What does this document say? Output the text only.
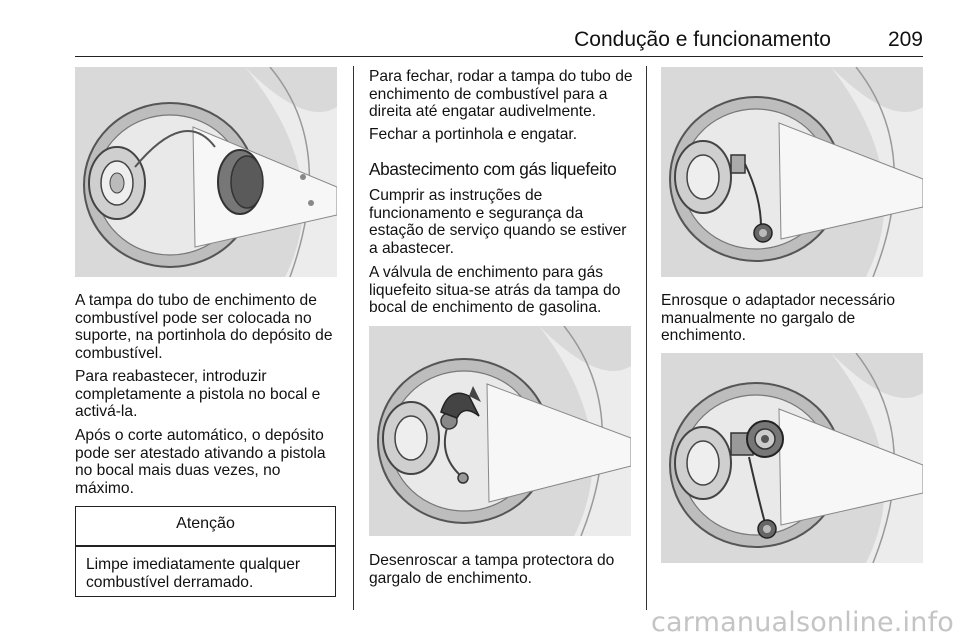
Condução e funcionamento	209

A tampa do tubo de enchimento de combustível pode ser colocada no suporte, na portinhola do depósito de combustível.

Para reabastecer, introduzir completamente a pistola no bocal e activá-la.

Após o corte automático, o depósito pode ser atestado ativando a pistola no bocal mais duas vezes, no máximo.

Atenção

Limpe imediatamente qualquer combustível derramado.

Para fechar, rodar a tampa do tubo de enchimento de combustível para a direita até engatar audivelmente.

Fechar a portinhola e engatar.

Abastecimento com gás liquefeito

Cumprir as instruções de funcionamento e segurança da estação de serviço quando se estiver a abastecer.

A válvula de enchimento para gás liquefeito situa-se atrás da tampa do bocal de enchimento de gasolina.

Desenroscar a tampa protectora do gargalo de enchimento.

Enrosque o adaptador necessário manualmente no gargalo de enchimento.

carmanualsonline.info
